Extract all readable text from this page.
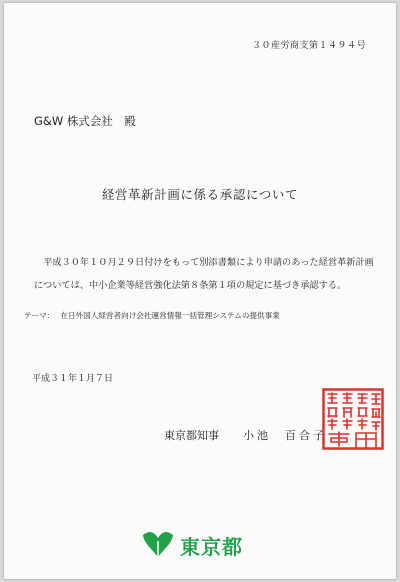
３０産労商支第１４９４号
G&W 株式会社　殿
経営革新計画に係る承認について

平成３０年１０月２９日付けをもって別添書類により申請のあった経営革新計画については、中小企業等経営強化法第８条第１項の規定に基づき承認する。

テーマ： 在日外国人経営者向け会社運営情報一括管理システムの提供事業
平成３１年１月７日
東京都知事 小池　百合子
東京都
